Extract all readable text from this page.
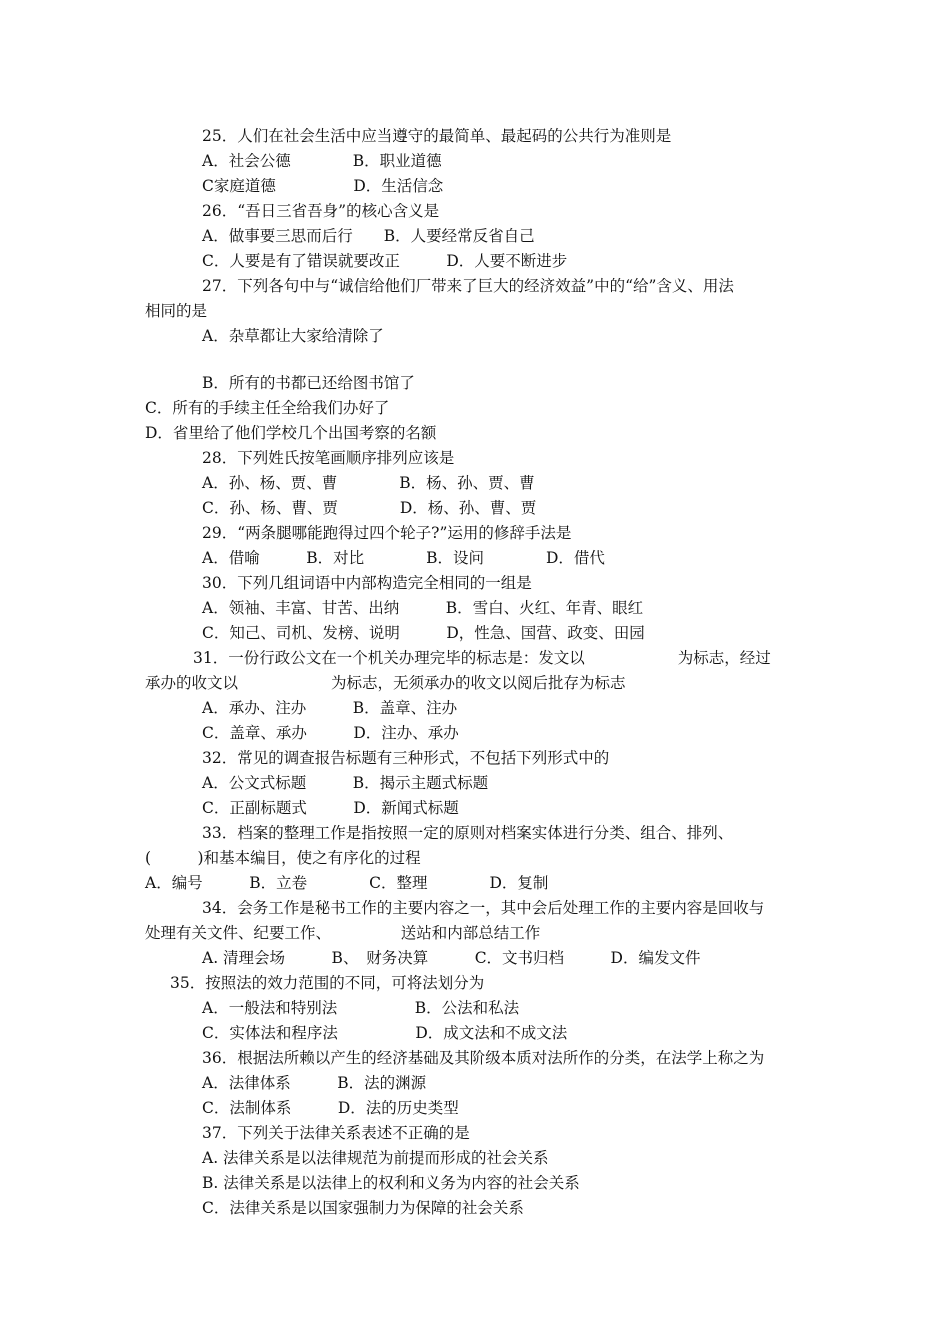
25．人们在社会生活中应当遵守的最简单、最起码的公共行为准则是
A．社会公德　　　　B．职业道德
C家庭道德　　　　　D．生活信念
26．“吾日三省吾身”的核心含义是
A．做事要三思而后行　　B．人要经常反省自己
C．人要是有了错误就要改正　　　D．人要不断进步
27．下列各句中与“诚信给他们厂带来了巨大的经济效益”中的“给”含义、用法
相同的是
A．杂草都让大家给清除了
B．所有的书都已还给图书馆了
C．所有的手续主任全给我们办好了
D．省里给了他们学校几个出国考察的名额
28．下列姓氏按笔画顺序排列应该是
A．孙、杨、贾、曹　　　　B．杨、孙、贾、曹
C．孙、杨、曹、贾　　　　D．杨、孙、曹、贾
29．“两条腿哪能跑得过四个轮子?”运用的修辞手法是
A．借喻　　　B．对比　　　　B．设问　　　　D．借代
30．下列几组词语中内部构造完全相同的一组是
A．领袖、丰富、甘苦、出纳　　　B．雪白、火红、年青、眼红
C．知己、司机、发榜、说明　　　D，性急、国营、政变、田园
31．一份行政公文在一个机关办理完毕的标志是：发文以　　　　　　为标志，经过
承办的收文以　　　　　　为标志，无须承办的收文以阅后批存为标志
A．承办、注办　　　B．盖章、注办
C．盖章、承办　　　D．注办、承办
32．常见的调查报告标题有三种形式，不包括下列形式中的
A．公文式标题　　　B．揭示主题式标题
C．正副标题式　　　D．新闻式标题
33．档案的整理工作是指按照一定的原则对档案实体进行分类、组合、排列、
(　　　)和基本编目，使之有序化的过程
A．编号　　　B．立卷　　　　C．整理　　　　D．复制
34．会务工作是秘书工作的主要内容之一，其中会后处理工作的主要内容是回收与
处理有关文件、纪要工作、　　　　　送站和内部总结工作
A. 清理会场　　　B、　财务决算　　　C．文书归档　　　D．编发文件
35．按照法的效力范围的不同，可将法划分为
A．一般法和特别法　　　　　B．公法和私法
C．实体法和程序法　　　　　D．成文法和不成文法
36．根据法所赖以产生的经济基础及其阶级本质对法所作的分类，在法学上称之为
A．法律体系　　　B．法的渊源
C．法制体系　　　D．法的历史类型
37．下列关于法律关系表述不正确的是
A. 法律关系是以法律规范为前提而形成的社会关系
B. 法律关系是以法律上的权利和义务为内容的社会关系
C．法律关系是以国家强制力为保障的社会关系
